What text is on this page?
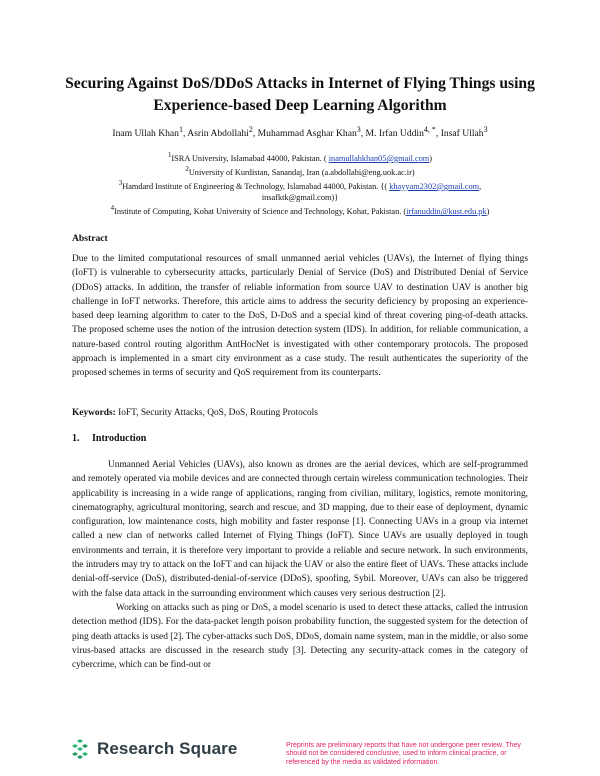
Securing Against DoS/DDoS Attacks in Internet of Flying Things using Experience-based Deep Learning Algorithm
Inam Ullah Khan$^1$, Asrin Abdollahi$^2$, Muhammad Asghar Khan$^3$, M. Irfan Uddin$^{4, *}$, Insaf Ullah$^3$
$^1$ISRA University, Islamabad 44000, Pakistan. ( inamullahkhan05@gmail.com)
$^2$University of Kurdistan, Sanandaj, Iran (a.abdollahi@eng.uok.ac.ir)
$^3$Hamdard Institute of Engineering & Technology, Islamabad 44000, Pakistan. {( khayyam2302@gmail.com,
insafktk@gmail.com)}
$^4$Institute of Computing, Kohat University of Science and Technology, Kohat, Pakistan. (irfanuddin@kust.edu.pk)
Abstract
Due to the limited computational resources of small unmanned aerial vehicles (UAVs), the Internet of flying things (IoFT) is vulnerable to cybersecurity attacks, particularly Denial of Service (DoS) and Distributed Denial of Service (DDoS) attacks. In addition, the transfer of reliable information from source UAV to destination UAV is another big challenge in IoFT networks. Therefore, this article aims to address the security deficiency by proposing an experience-based deep learning algorithm to cater to the DoS, D-DoS and a special kind of threat covering ping-of-death attacks. The proposed scheme uses the notion of the intrusion detection system (IDS). In addition, for reliable communication, a nature-based control routing algorithm AntHocNet is investigated with other contemporary protocols. The proposed approach is implemented in a smart city environment as a case study. The result authenticates the superiority of the proposed schemes in terms of security and QoS requirement from its counterparts.
Keywords: IoFT, Security Attacks, QoS, DoS, Routing Protocols
1. Introduction

Unmanned Aerial Vehicles (UAVs), also known as drones are the aerial devices, which are self-programmed and remotely operated via mobile devices and are connected through certain wireless communication technologies. Their applicability is increasing in a wide range of applications, ranging from civilian, military, logistics, remote monitoring, cinematography, agricultural monitoring, search and rescue, and 3D mapping, due to their ease of deployment, dynamic configuration, low maintenance costs, high mobility and faster response [1]. Connecting UAVs in a group via internet called a new clan of networks called Internet of Flying Things (IoFT). Since UAVs are usually deployed in tough environments and terrain, it is therefore very important to provide a reliable and secure network. In such environments, the intruders may try to attack on the IoFT and can hijack the UAV or also the entire fleet of UAVs. These attacks include denial-off-service (DoS), distributed-denial-of-service (DDoS), spoofing, Sybil. Moreover, UAVs can also be triggered with the false data attack in the surrounding environment which causes very serious destruction [2].

Working on attacks such as ping or DoS, a model scenario is used to detect these attacks, called the intrusion detection method (IDS). For the data-packet length poison probability function, the suggested system for the detection of ping death attacks is used [2]. The cyber-attacks such DoS, DDoS, domain name system, man in the middle, or also some virus-based attacks are discussed in the research study [3]. Detecting any security-attack comes in the category of cybercrime, which can be find-out or

Research Square	Preprints are preliminary reports that have not undergone peer review. They should not be considered conclusive, used to inform clinical practice, or referenced by the media as validated information.
